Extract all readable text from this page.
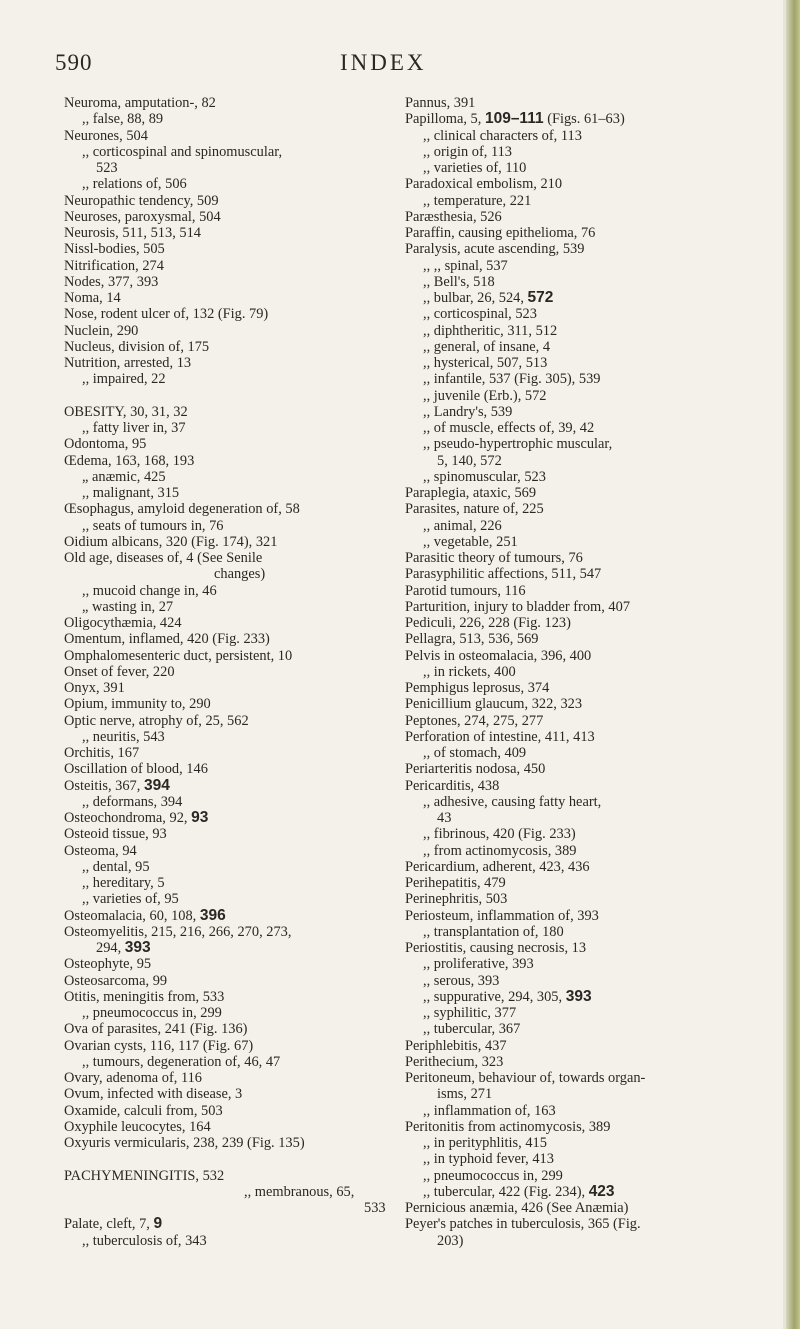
590	INDEX
Neuroma, amputation-, 82
,, false, 88, 89
Neurones, 504
,, corticospinal and spinomuscular,
523
,, relations of, 506
Neuropathic tendency, 509
Neuroses, paroxysmal, 504
Neurosis, 511, 513, 514
Nissl-bodies, 505
Nitrification, 274
Nodes, 377, 393
Noma, 14
Nose, rodent ulcer of, 132 (Fig. 79)
Nuclein, 290
Nucleus, division of, 175
Nutrition, arrested, 13
,, impaired, 22
OBESITY, 30, 31, 32
,, fatty liver in, 37
Odontoma, 95
Œdema, 163, 168, 193
„ anæmic, 425
,, malignant, 315
Œsophagus, amyloid degeneration of, 58
,, seats of tumours in, 76
Oidium albicans, 320 (Fig. 174), 321
Old age, diseases of, 4 (See Senile
changes)
,, mucoid change in, 46
„ wasting in, 27
Oligocythæmia, 424
Omentum, inflamed, 420 (Fig. 233)
Omphalomesenteric duct, persistent, 10
Onset of fever, 220
Onyx, 391
Opium, immunity to, 290
Optic nerve, atrophy of, 25, 562
,, neuritis, 543
Orchitis, 167
Oscillation of blood, 146
Osteitis, 367, 394
,, deformans, 394
Osteochondroma, 92, 93
Osteoid tissue, 93
Osteoma, 94
,, dental, 95
,, hereditary, 5
,, varieties of, 95
Osteomalacia, 60, 108, 396
Osteomyelitis, 215, 216, 266, 270, 273,
294, 393
Osteophyte, 95
Osteosarcoma, 99
Otitis, meningitis from, 533
,, pneumococcus in, 299
Ova of parasites, 241 (Fig. 136)
Ovarian cysts, 116, 117 (Fig. 67)
,, tumours, degeneration of, 46, 47
Ovary, adenoma of, 116
Ovum, infected with disease, 3
Oxamide, calculi from, 503
Oxyphile leucocytes, 164
Oxyuris vermicularis, 238, 239 (Fig. 135)
PACHYMENINGITIS, 532
,, membranous, 65,
533
Palate, cleft, 7, 9
,, tuberculosis of, 343
Pannus, 391
Papilloma, 5, 109–111 (Figs. 61–63)
,, clinical characters of, 113
,, origin of, 113
,, varieties of, 110
Paradoxical embolism, 210
,, temperature, 221
Paræsthesia, 526
Paraffin, causing epithelioma, 76
Paralysis, acute ascending, 539
,, ,, spinal, 537
,, Bell's, 518
,, bulbar, 26, 524, 572
,, corticospinal, 523
,, diphtheritic, 311, 512
,, general, of insane, 4
,, hysterical, 507, 513
,, infantile, 537 (Fig. 305), 539
,, juvenile (Erb.), 572
,, Landry's, 539
,, of muscle, effects of, 39, 42
,, pseudo-hypertrophic muscular,
5, 140, 572
,, spinomuscular, 523
Paraplegia, ataxic, 569
Parasites, nature of, 225
,, animal, 226
,, vegetable, 251
Parasitic theory of tumours, 76
Parasyphilitic affections, 511, 547
Parotid tumours, 116
Parturition, injury to bladder from, 407
Pediculi, 226, 228 (Fig. 123)
Pellagra, 513, 536, 569
Pelvis in osteomalacia, 396, 400
,, in rickets, 400
Pemphigus leprosus, 374
Penicillium glaucum, 322, 323
Peptones, 274, 275, 277
Perforation of intestine, 411, 413
,, of stomach, 409
Periarteritis nodosa, 450
Pericarditis, 438
,, adhesive, causing fatty heart,
43
,, fibrinous, 420 (Fig. 233)
,, from actinomycosis, 389
Pericardium, adherent, 423, 436
Perihepatitis, 479
Perinephritis, 503
Periosteum, inflammation of, 393
,, transplantation of, 180
Periostitis, causing necrosis, 13
,, proliferative, 393
,, serous, 393
,, suppurative, 294, 305, 393
,, syphilitic, 377
,, tubercular, 367
Periphlebitis, 437
Perithecium, 323
Peritoneum, behaviour of, towards organ-
isms, 271
,, inflammation of, 163
Peritonitis from actinomycosis, 389
,, in perityphlitis, 415
,, in typhoid fever, 413
,, pneumococcus in, 299
,, tubercular, 422 (Fig. 234), 423
Pernicious anæmia, 426 (See Anæmia)
Peyer's patches in tuberculosis, 365 (Fig.
203)
